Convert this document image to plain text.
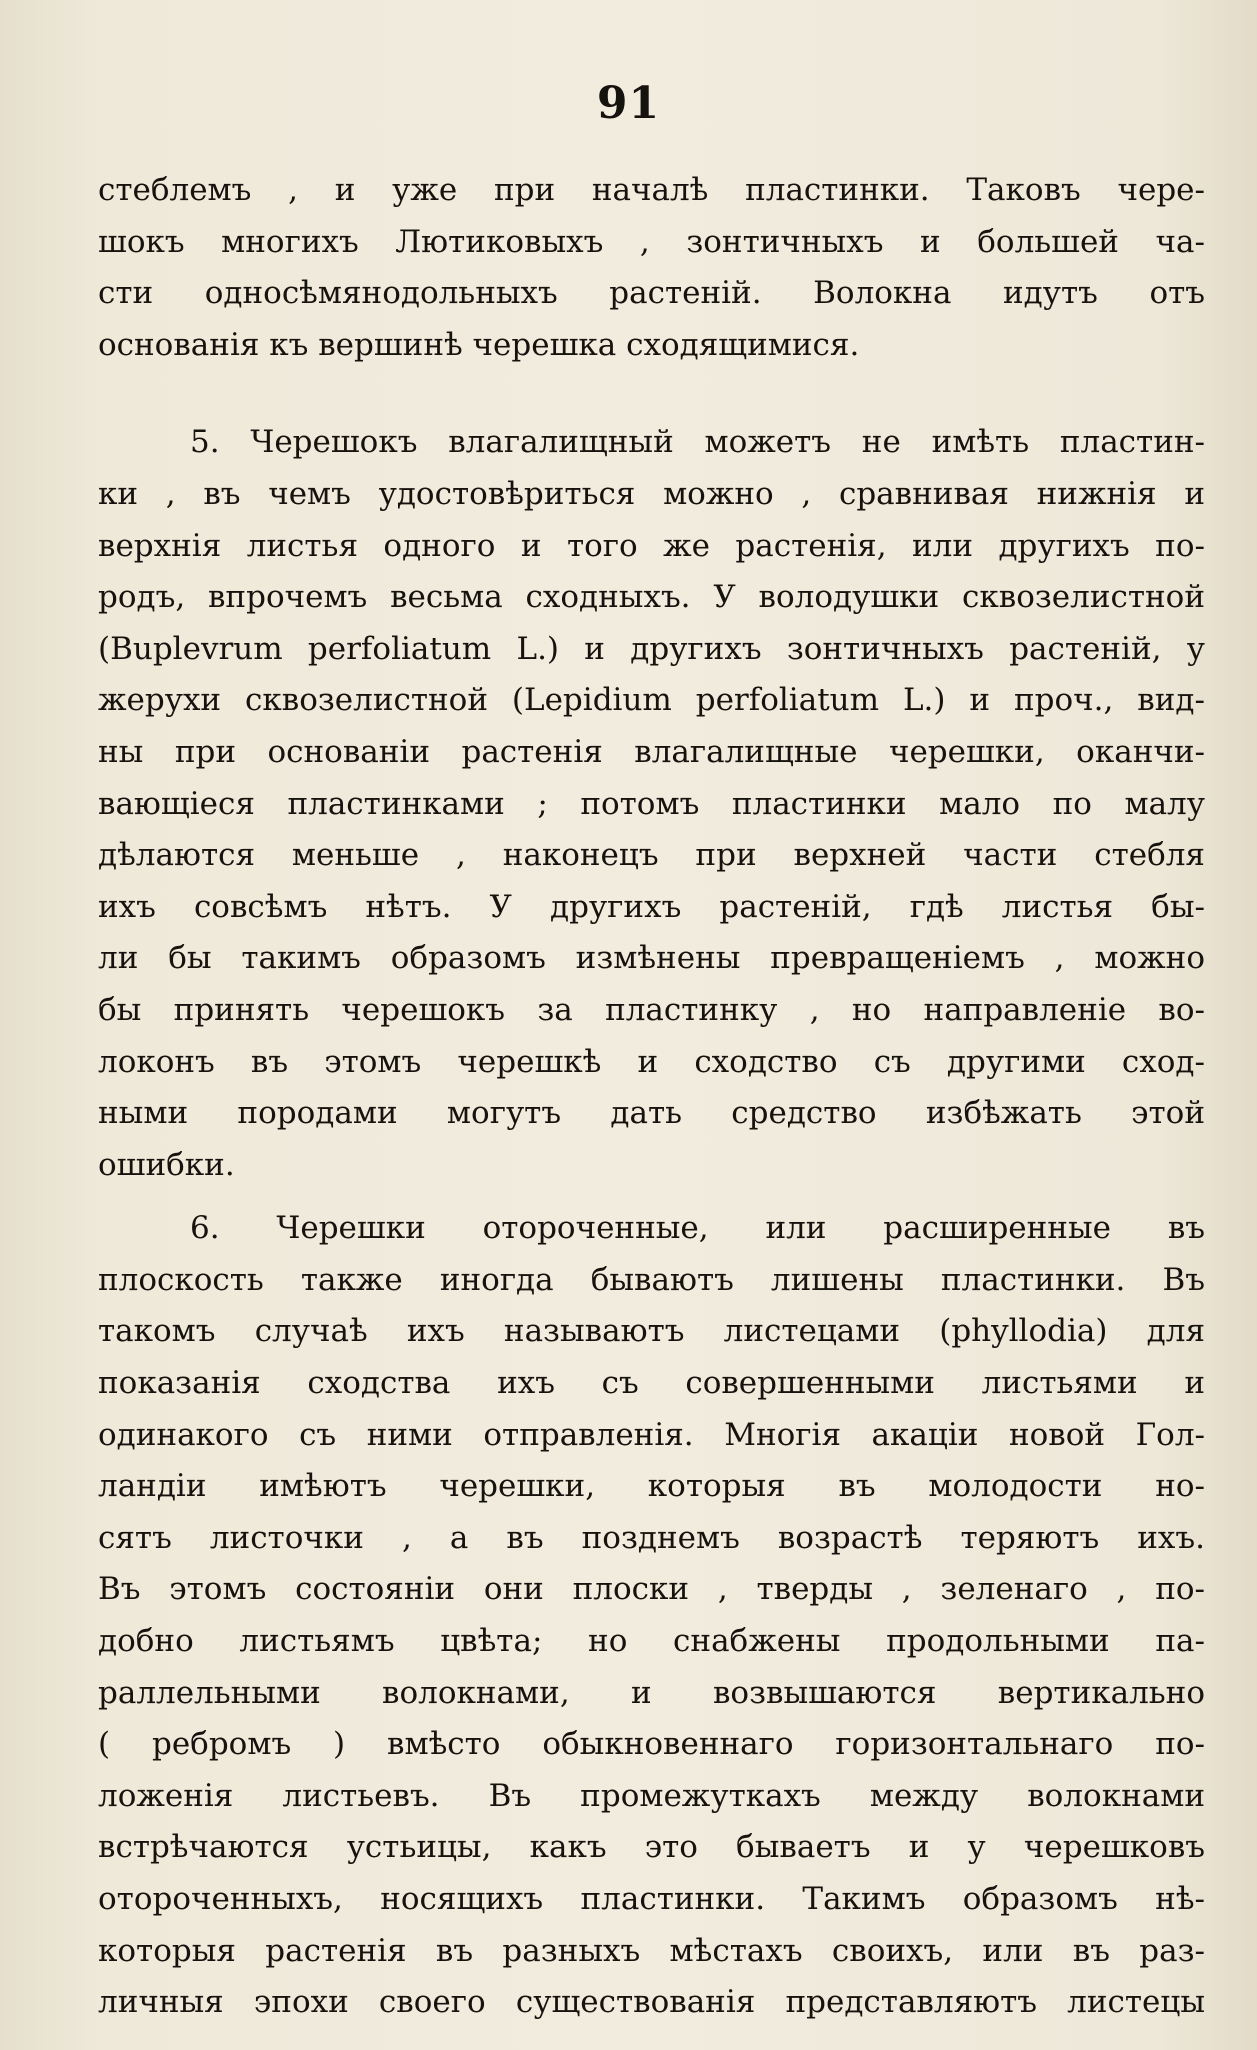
91
стеблемъ , и уже при началѣ пластинки. Таковъ чере-
шокъ многихъ Лютиковыхъ , зонтичныхъ и большей ча-
сти односѣмянодольныхъ растеній. Волокна идутъ отъ
основанія къ вершинѣ черешка сходящимися.
5. Черешокъ влагалищный можетъ не имѣть пластин-
ки , въ чемъ удостовѣриться можно , сравнивая нижнія и
верхнія листья одного и того же растенія, или другихъ по-
родъ, впрочемъ весьма сходныхъ. У володушки сквозелистной
(Buplevrum perfoliatum L.) и другихъ зонтичныхъ растеній, у
жерухи сквозелистной (Lepidium perfoliatum L.) и проч., вид-
ны при основаніи растенія влагалищные черешки, оканчи-
вающіеся пластинками ; потомъ пластинки мало по малу
дѣлаются меньше , наконецъ при верхней части стебля
ихъ совсѣмъ нѣтъ. У другихъ растеній, гдѣ листья бы-
ли бы такимъ образомъ измѣнены превращеніемъ , можно
бы принять черешокъ за пластинку , но направленіе во-
локонъ въ этомъ черешкѣ и сходство съ другими сход-
ными породами могутъ дать средство избѣжать этой
ошибки.
6. Черешки отороченные, или расширенные въ
плоскость также иногда бываютъ лишены пластинки. Въ
такомъ случаѣ ихъ называютъ листецами (phyllodia) для
показанія сходства ихъ съ совершенными листьями и
одинакого съ ними отправленія. Многія акаціи новой Гол-
ландіи имѣютъ черешки, которыя въ молодости но-
сятъ листочки , а въ позднемъ возрастѣ теряютъ ихъ.
Въ этомъ состояніи они плоски , тверды , зеленаго , по-
добно листьямъ цвѣта; но снабжены продольными па-
раллельными волокнами, и возвышаются вертикально
( ребромъ ) вмѣсто обыкновеннаго горизонтальнаго по-
ложенія листьевъ. Въ промежуткахъ между волокнами
встрѣчаются устьицы, какъ это бываетъ и у черешковъ
отороченныхъ, носящихъ пластинки. Такимъ образомъ нѣ-
которыя растенія въ разныхъ мѣстахъ своихъ, или въ раз-
личныя эпохи своего существованія представляютъ листецы
